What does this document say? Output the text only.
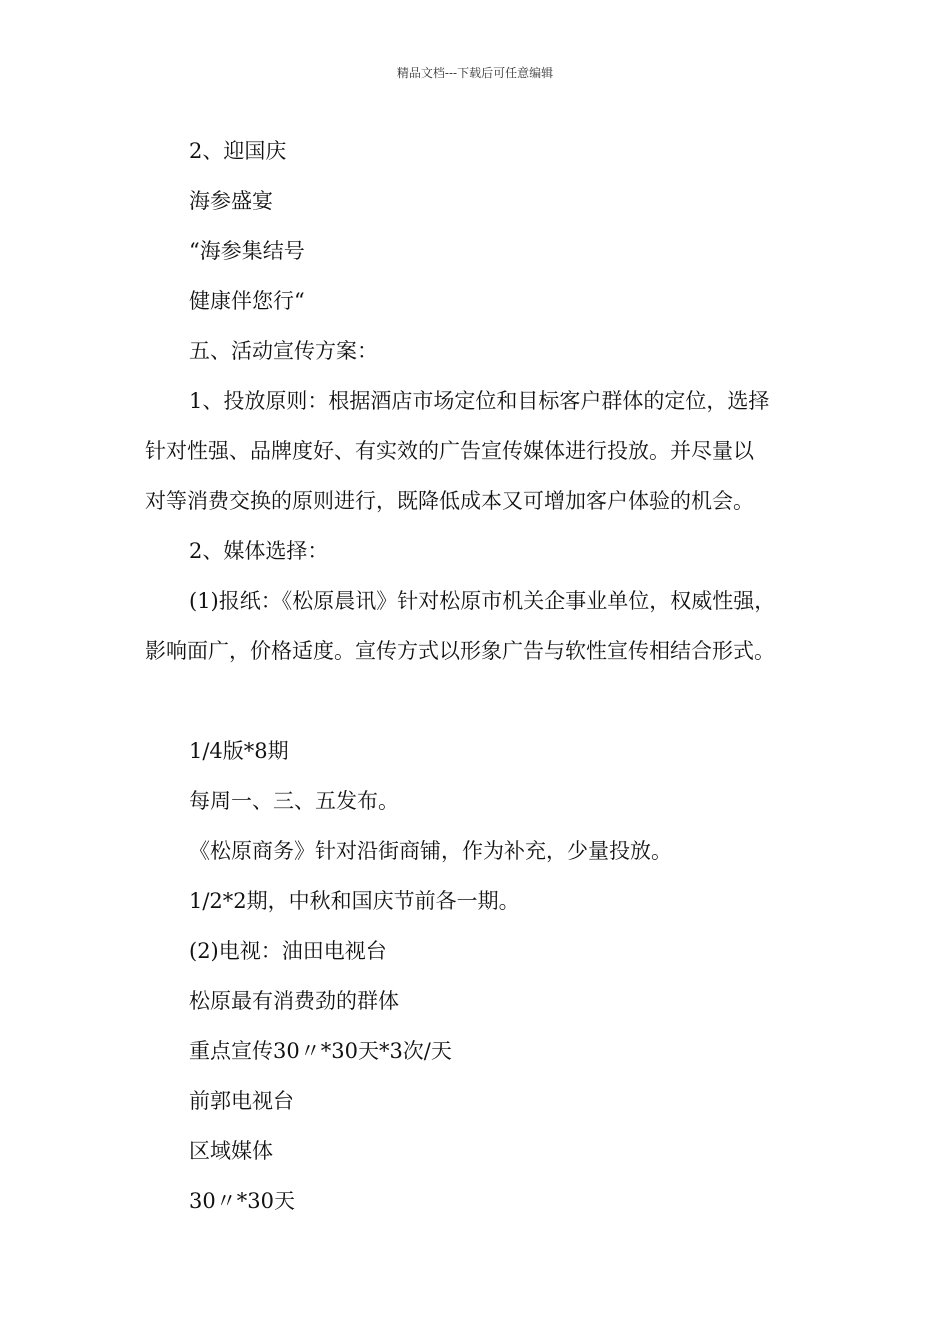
精品文档---下载后可任意编辑
2、迎国庆
海参盛宴
“海参集结号
健康伴您行“
五、活动宣传方案：
1、投放原则：根据酒店市场定位和目标客户群体的定位，选择
针对性强、品牌度好、有实效的广告宣传媒体进行投放。并尽量以
对等消费交换的原则进行，既降低成本又可增加客户体验的机会。
2、媒体选择：
(1)报纸：《松原晨讯》针对松原市机关企事业单位，权威性强，
影响面广，价格适度。宣传方式以形象广告与软性宣传相结合形式。
1/4版*8期
每周一、三、五发布。
《松原商务》针对沿街商铺，作为补充，少量投放。
1/2*2期，中秋和国庆节前各一期。
(2)电视：油田电视台
松原最有消费劲的群体
重点宣传30〃*30天*3次/天
前郭电视台
区域媒体
30〃*30天
